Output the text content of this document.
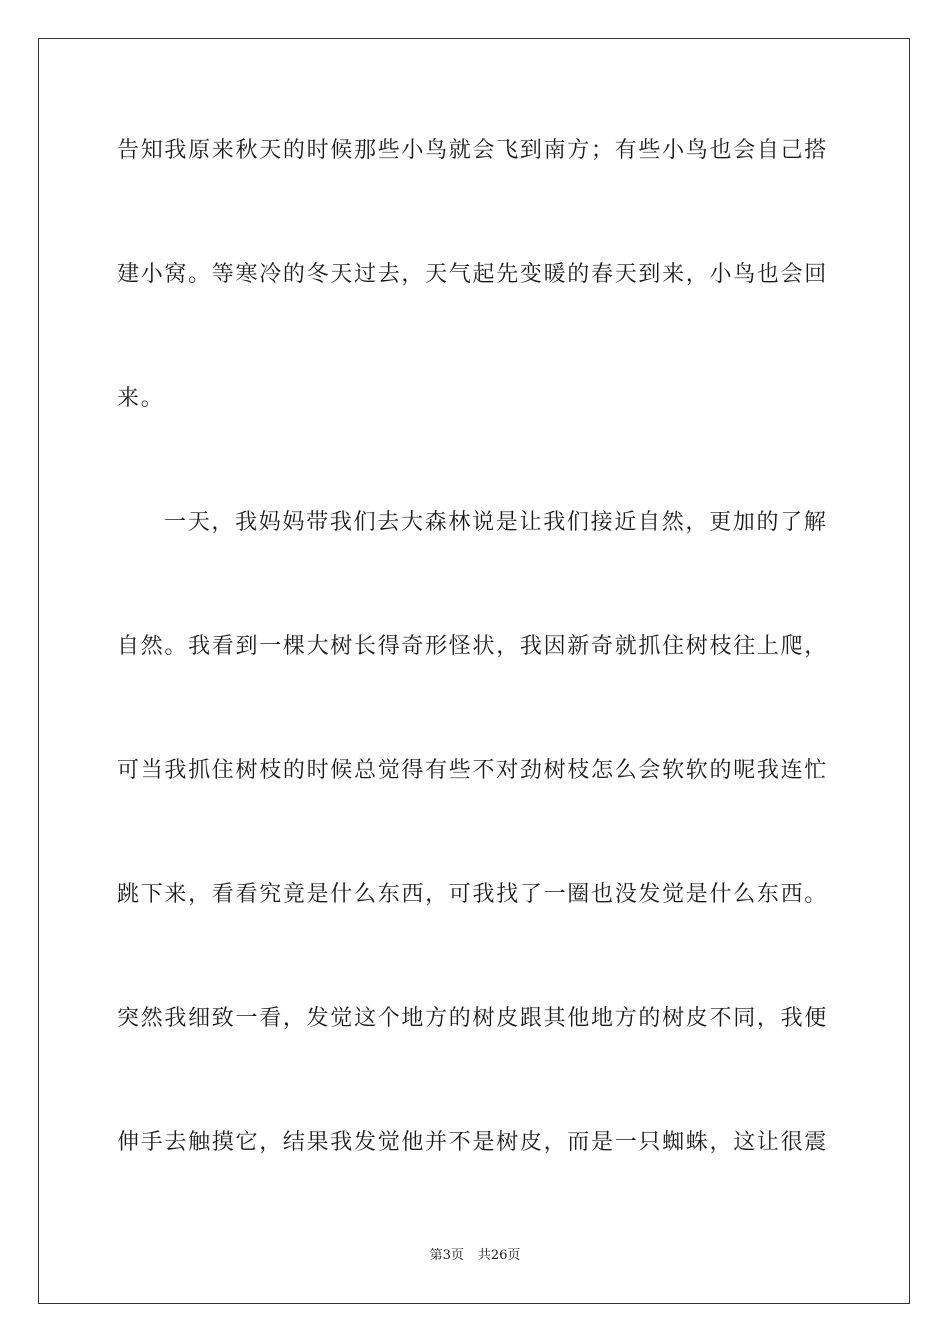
告知我原来秋天的时候那些小鸟就会飞到南方；有些小鸟也会自己搭

建小窝。等寒冷的冬天过去，天气起先变暖的春天到来，小鸟也会回

来。

一天，我妈妈带我们去大森林说是让我们接近自然，更加的了解

自然。我看到一棵大树长得奇形怪状，我因新奇就抓住树枝往上爬，

可当我抓住树枝的时候总觉得有些不对劲树枝怎么会软软的呢我连忙

跳下来，看看究竟是什么东西，可我找了一圈也没发觉是什么东西。

突然我细致一看，发觉这个地方的树皮跟其他地方的树皮不同，我便

伸手去触摸它，结果我发觉他并不是树皮，而是一只蜘蛛，这让很震

第3页 共26页
